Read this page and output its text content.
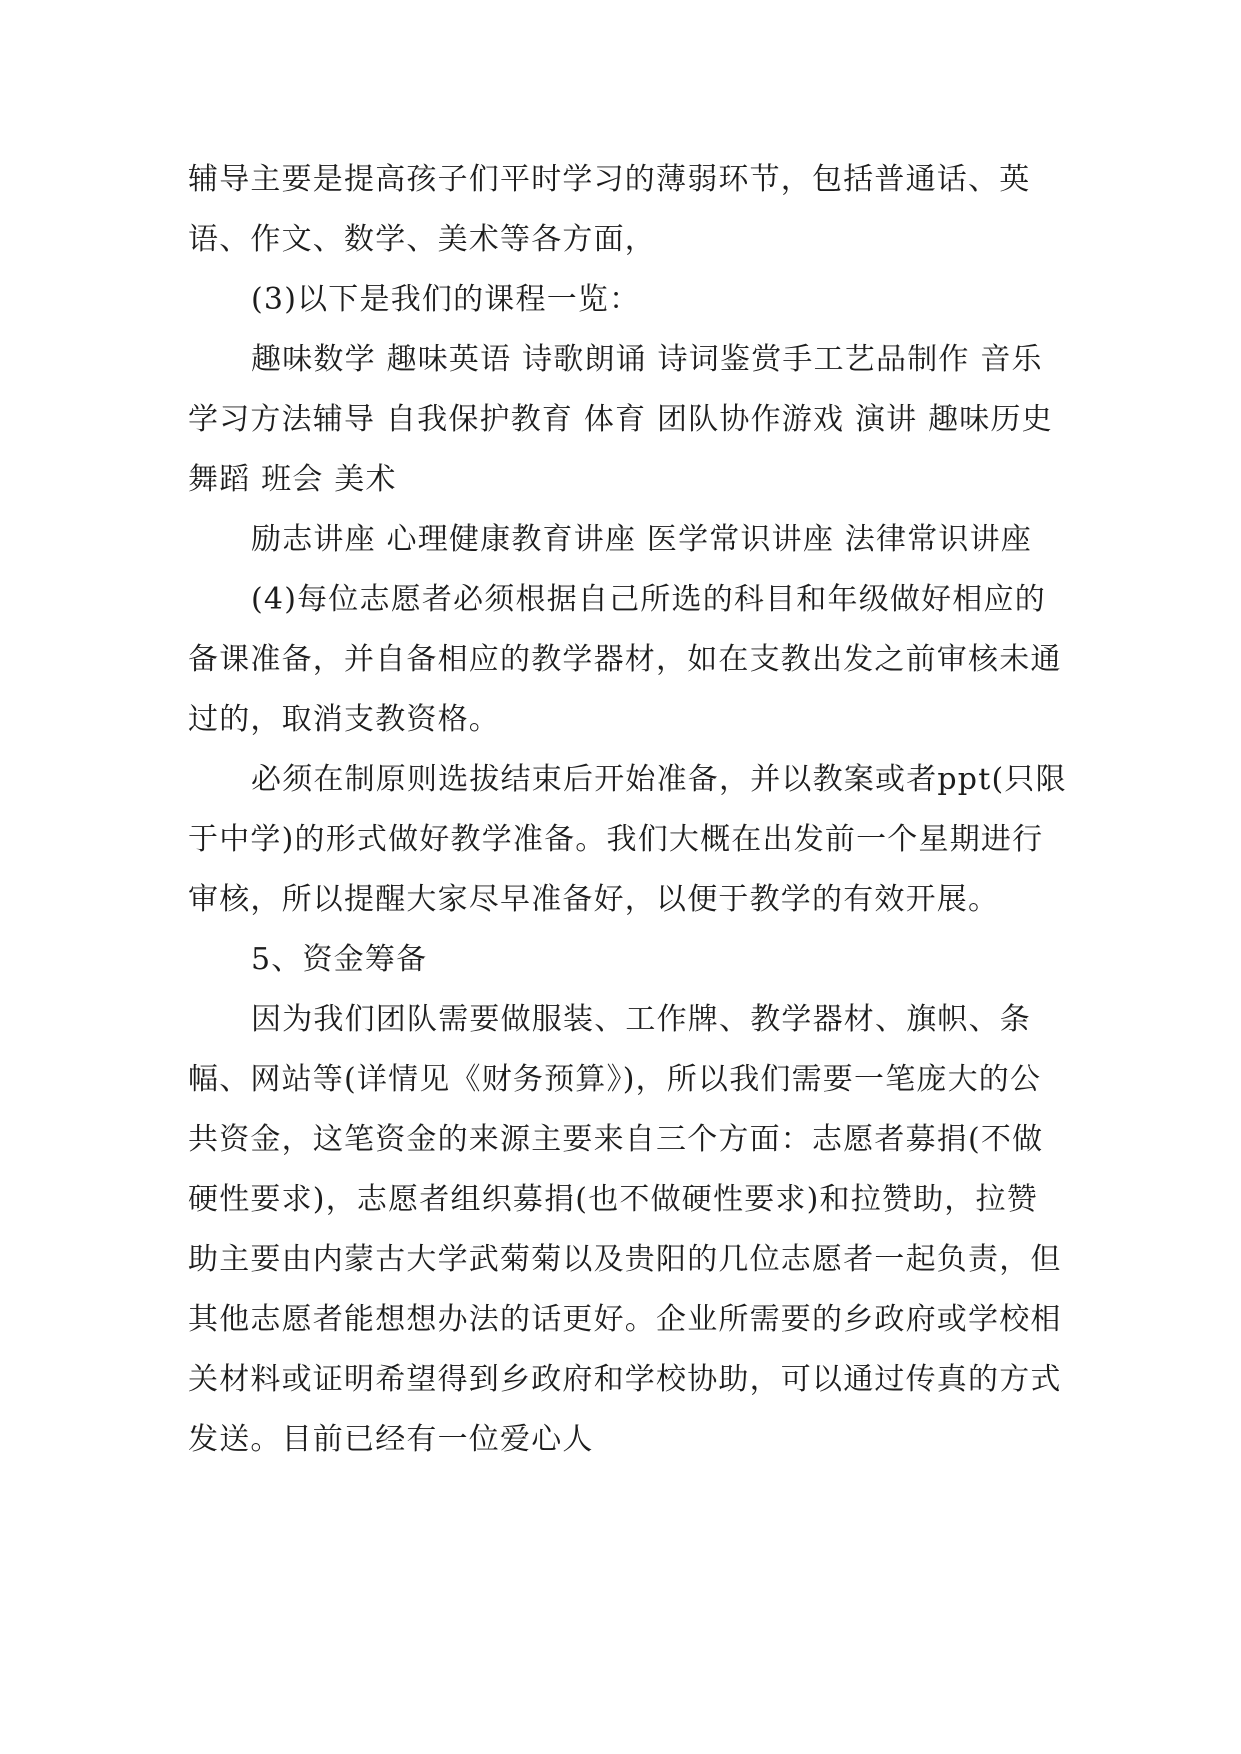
辅导主要是提高孩子们平时学习的薄弱环节，包括普通话、英语、作文、数学、美术等各方面，

(3)以下是我们的课程一览：

趣味数学 趣味英语 诗歌朗诵 诗词鉴赏手工艺品制作 音乐 学习方法辅导 自我保护教育 体育 团队协作游戏 演讲 趣味历史舞蹈 班会 美术

励志讲座 心理健康教育讲座 医学常识讲座 法律常识讲座

(4)每位志愿者必须根据自己所选的科目和年级做好相应的备课准备，并自备相应的教学器材，如在支教出发之前审核未通过的，取消支教资格。

必须在制原则选拔结束后开始准备，并以教案或者ppt(只限于中学)的形式做好教学准备。我们大概在出发前一个星期进行审核，所以提醒大家尽早准备好，以便于教学的有效开展。

5、资金筹备

因为我们团队需要做服装、工作牌、教学器材、旗帜、条幅、网站等(详情见《财务预算》)，所以我们需要一笔庞大的公共资金，这笔资金的来源主要来自三个方面：志愿者募捐(不做硬性要求)，志愿者组织募捐(也不做硬性要求)和拉赞助，拉赞助主要由内蒙古大学武菊菊以及贵阳的几位志愿者一起负责，但其他志愿者能想想办法的话更好。企业所需要的乡政府或学校相关材料或证明希望得到乡政府和学校协助，可以通过传真的方式发送。目前已经有一位爱心人
